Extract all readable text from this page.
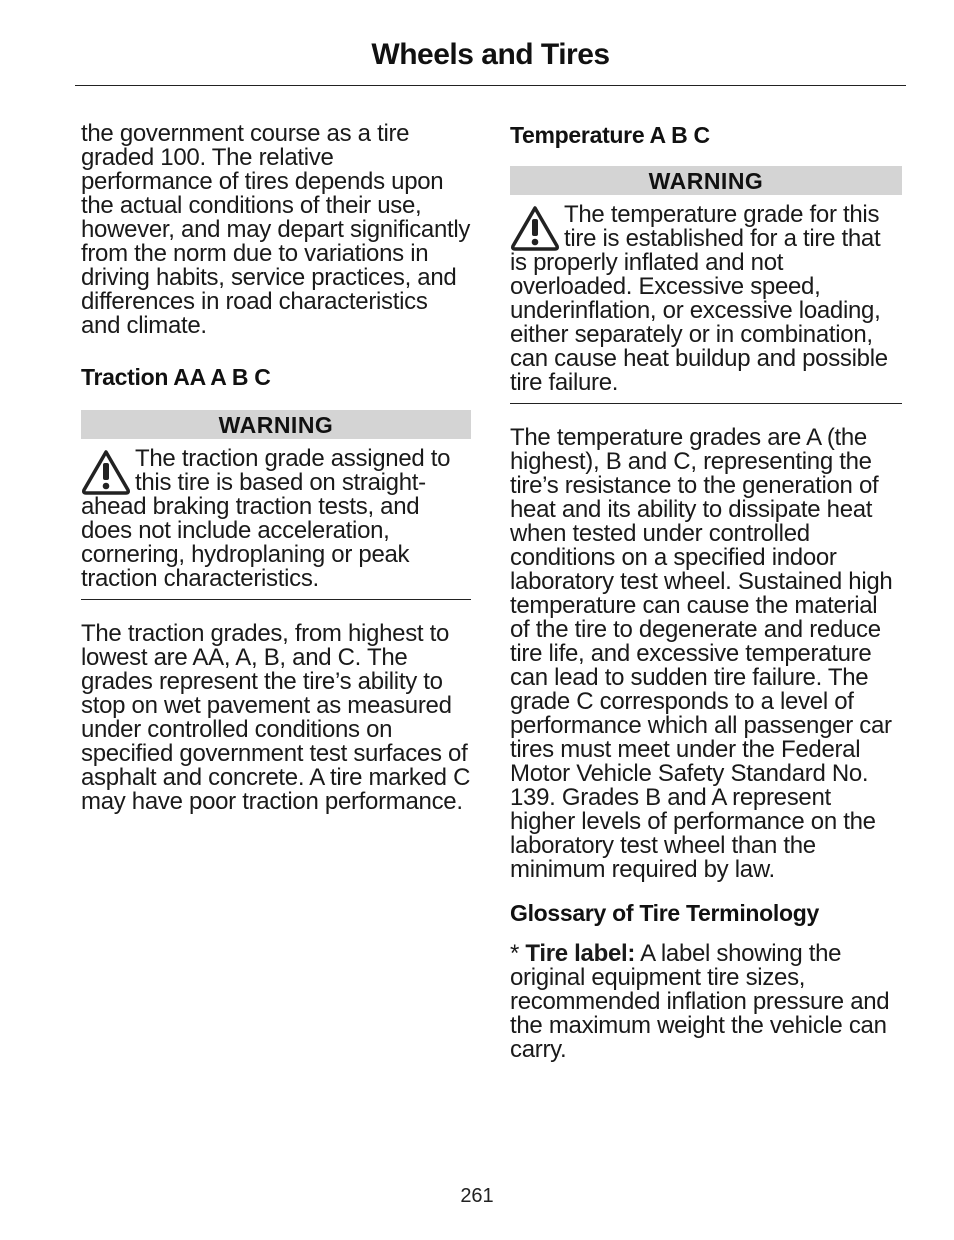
Wheels and Tires

the government course as a tire graded 100. The relative performance of tires depends upon the actual conditions of their use, however, and may depart significantly from the norm due to variations in driving habits, service practices, and differences in road characteristics and climate.

Traction AA A B C
WARNING

The traction grade assigned to this tire is based on straight-ahead braking traction tests, and does not include acceleration, cornering, hydroplaning or peak traction characteristics.

The traction grades, from highest to lowest are AA, A, B, and C. The grades represent the tire’s ability to stop on wet pavement as measured under controlled conditions on specified government test surfaces of asphalt and concrete. A tire marked C may have poor traction performance.

Temperature A B C
WARNING

The temperature grade for this tire is established for a tire that is properly inflated and not overloaded. Excessive speed, underinflation, or excessive loading, either separately or in combination, can cause heat buildup and possible tire failure.

The temperature grades are A (the highest), B and C, representing the tire’s resistance to the generation of heat and its ability to dissipate heat when tested under controlled conditions on a specified indoor laboratory test wheel. Sustained high temperature can cause the material of the tire to degenerate and reduce tire life, and excessive temperature can lead to sudden tire failure. The grade C corresponds to a level of performance which all passenger car tires must meet under the Federal Motor Vehicle Safety Standard No. 139. Grades B and A represent higher levels of performance on the laboratory test wheel than the minimum required by law.

Glossary of Tire Terminology

* Tire label: A label showing the original equipment tire sizes, recommended inflation pressure and the maximum weight the vehicle can carry.

261
